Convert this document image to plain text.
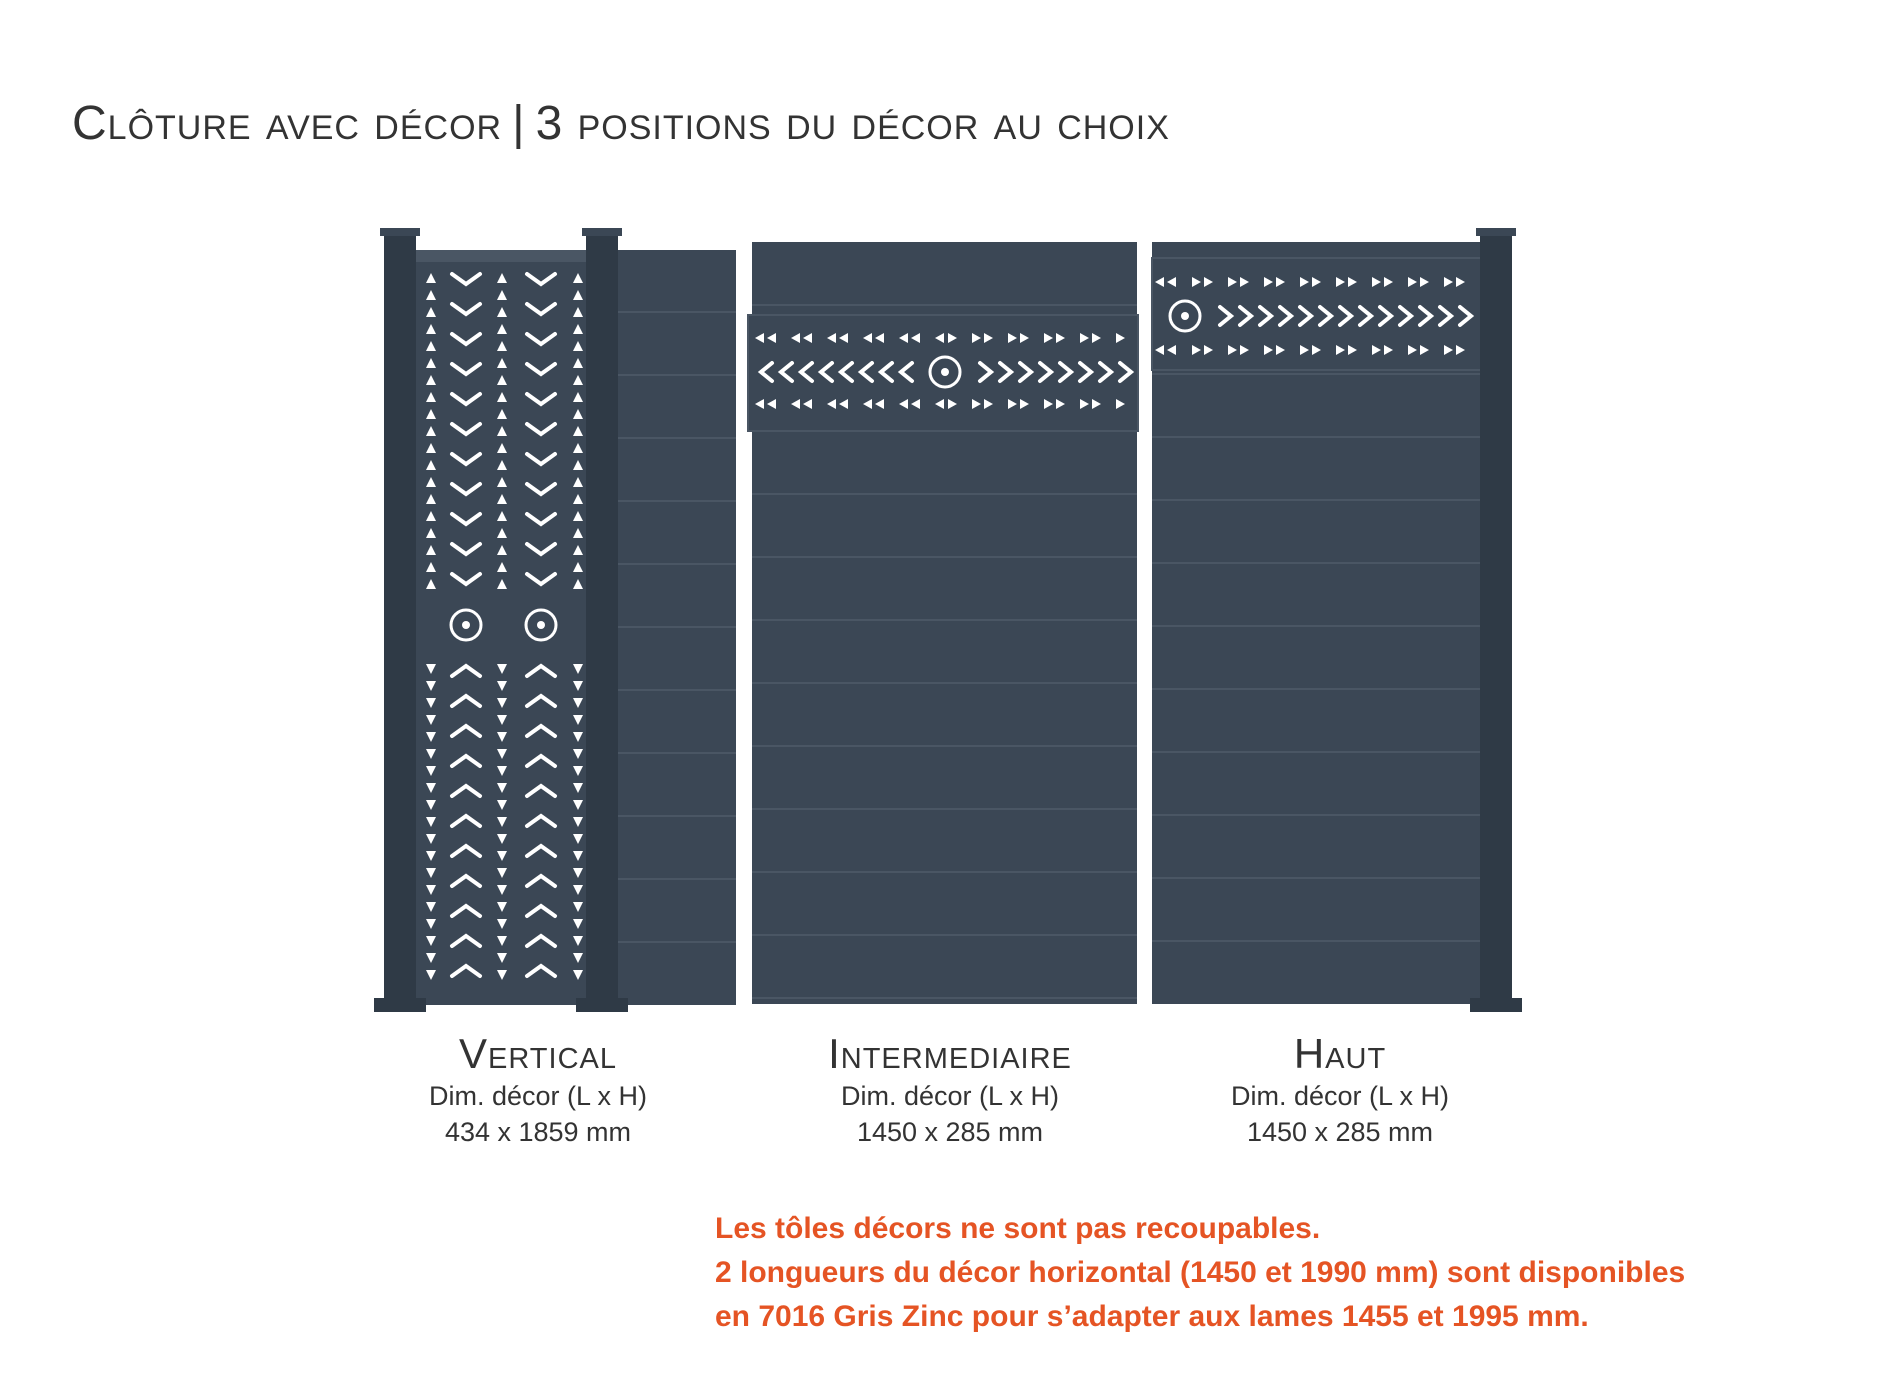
Clôture avec décor | 3 positions du décor au choix
Vertical
Dim. décor (L x H)
434 x 1859 mm
Intermediaire
Dim. décor (L x H)
1450 x 285 mm
Haut
Dim. décor (L x H)
1450 x 285 mm
Les tôles décors ne sont pas recoupables.
2 longueurs du décor horizontal (1450 et 1990 mm) sont disponibles
en 7016 Gris Zinc pour s’adapter aux lames 1455 et 1995 mm.
